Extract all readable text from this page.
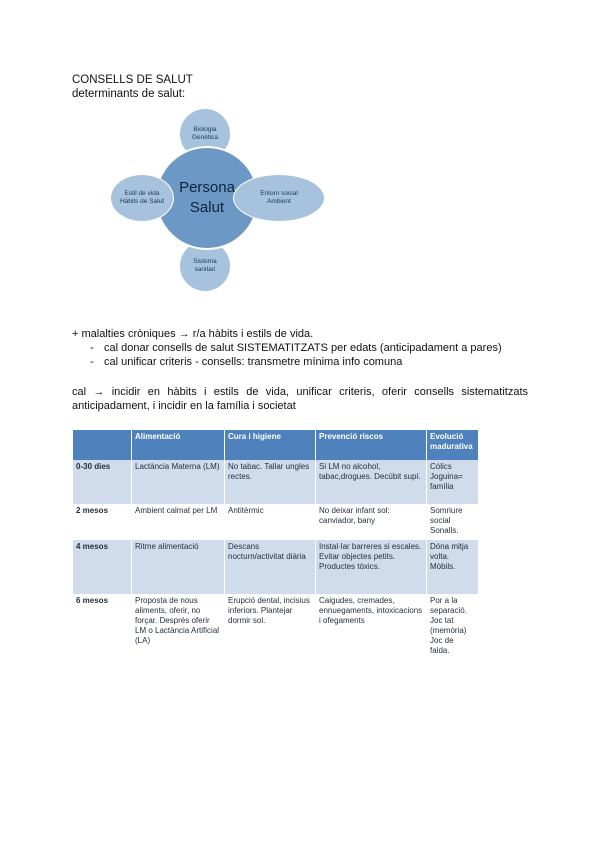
CONSELLS DE SALUT
determinants de salut:
Biologia
Genètica
Estil de vida
Hàbits de Salut
Persona
Salut
Entorn social
Ambient
Sistema
sanitari
+ malalties cròniques → r/a hàbits i estils de vida.
- cal donar consells de salut SISTEMATITZATS per edats (anticipadament a pares)
- cal unificar criteris - consells: transmetre mínima info comuna
cal → incidir en hàbits i estils de vida, unificar criteris, oferir consells sistematitzats anticipadament, i incidir en la família i societat
	Alimentació	Cura i higiene	Prevenció riscos	Evolució madurativa
0-30 dies	Lactància Materna (LM)	No tabac. Tallar ungles rectes.	Si LM no alcohol, tabac,drogues. Decúbit supí.	Còlics Joguina= família
2 mesos	Ambient calmat per LM	Antitèrmic	No deixar infant sol: canviador, bany	Somriure social Sonalls.
4 mesos	Ritme alimentació	Descans nocturn/activitat diària	Instal·lar barreres si escales. Evitar objectes petits. Productes tòxics.	Dóna mitja volta. Mòbils.
6 mesos	Proposta de nous aliments, oferir, no forçar. Després oferir LM o Lactància Artificial (LA)	Erupció dental, incisius inferiors. Plantejar dormir sol.	Caigudes, cremades, ennuegaments, intoxicacions i ofegaments	Por a la separació. Joc tat (memòria) Joc de falda.
